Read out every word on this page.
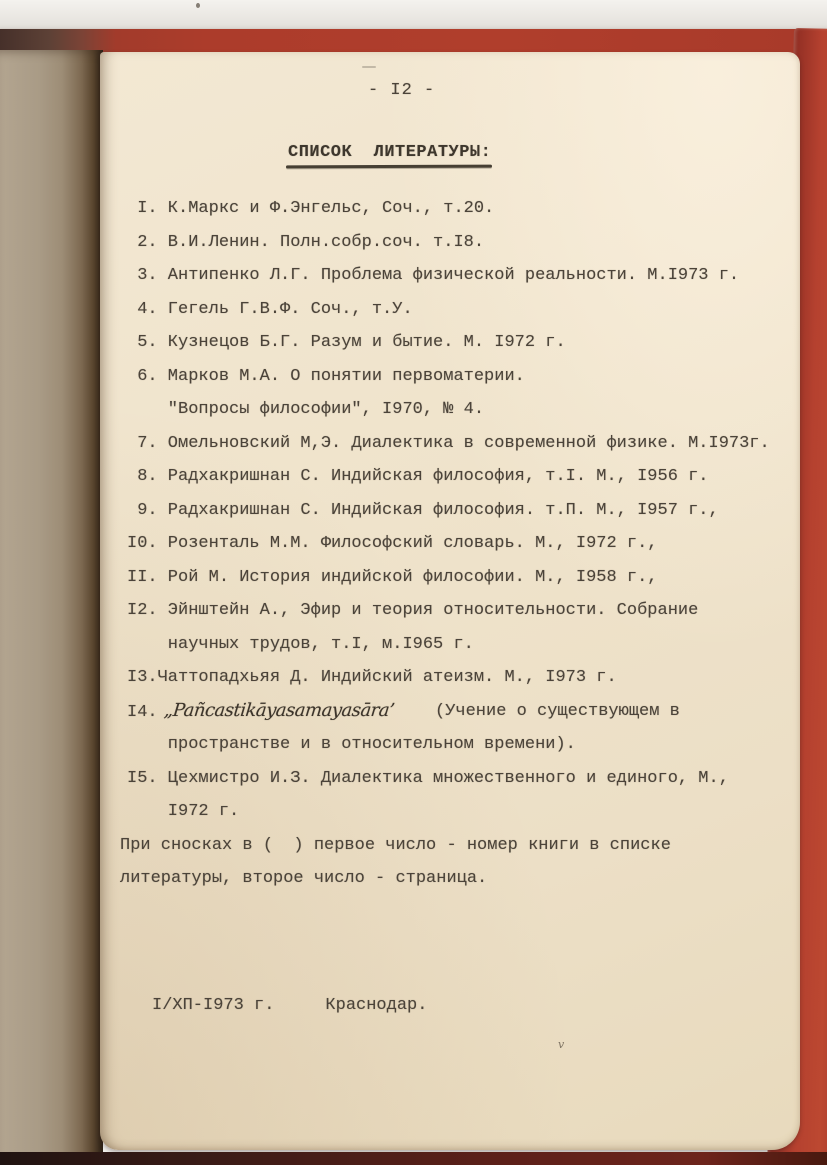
- I2 -
СПИСОК  ЛИТЕРАТУРЫ:
I. К.Маркс и Ф.Энгельс, Соч., т.20.
2. В.И.Ленин. Полн.собр.соч. т.I8.
3. Антипенко Л.Г. Проблема физической реальности. М.I973 г.
4. Гегель Г.В.Ф. Соч., т.У.
5. Кузнецов Б.Г. Разум и бытие. М. I972 г.
6. Марков М.А. О понятии первоматерии.
"Вопросы философии", I970, № 4.
7. Омельновский М,Э. Диалектика в современной физике. М.I973г.
8. Радхакришнан С. Индийская философия, т.I. М., I956 г.
9. Радхакришнан С. Индийская философия. т.П. М., I957 г.,
I0. Розенталь М.М. Философский словарь. М., I972 г.,
II. Рой М. История индийской философии. М., I958 г.,
I2. Эйнштейн А., Эфир и теория относительности. Собрание
научных трудов, т.I, м.I965 г.
I3.Чаттопадхьяя Д. Индийский атеизм. М., I973 г.
I4. „Pañcastikāyasamayasāra’ (Учение о существующем в
пространстве и в относительном времени).
I5. Цехмистро И.З. Диалектика множественного и единого, М.,
I972 г.
При сносках в (  ) первое число - номер книги в списке
литературы, второе число - страница.
I/ХП-I973 г.     Краснодар.
v
